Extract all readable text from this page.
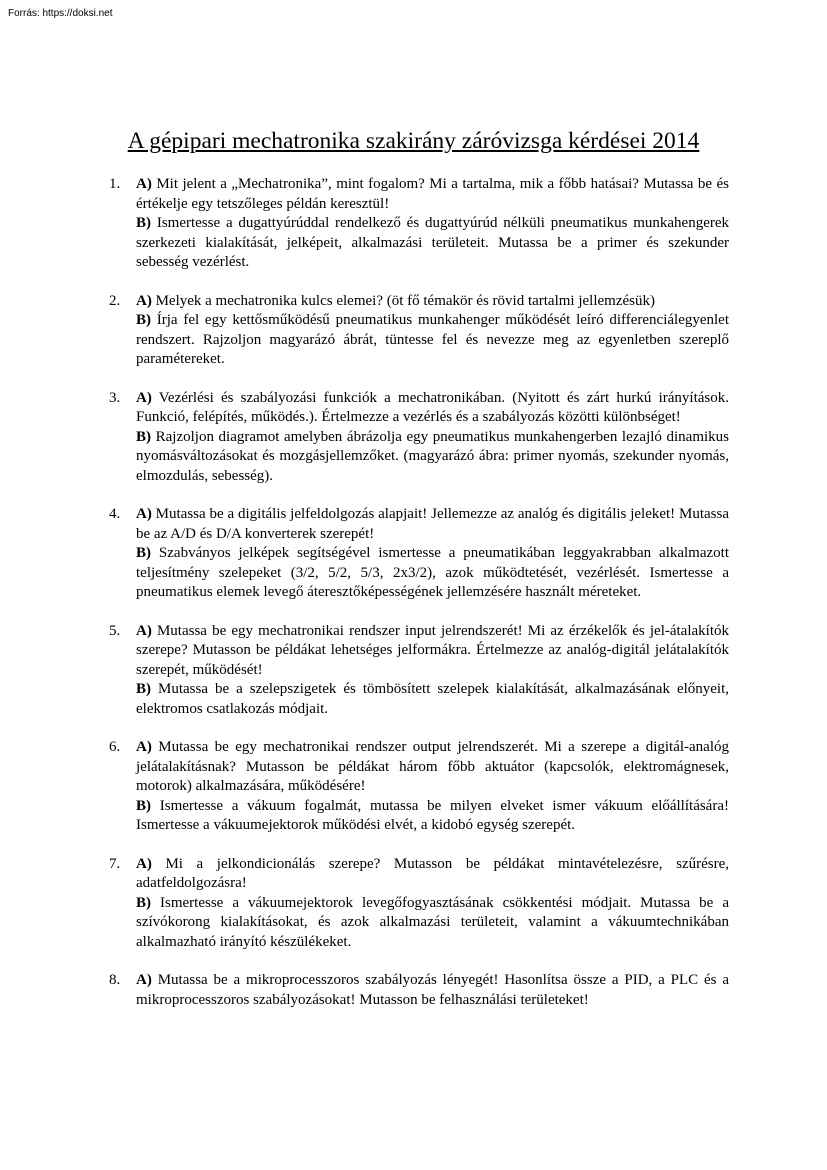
Forrás: https://doksi.net
A gépipari mechatronika szakirány záróvizsga kérdései 2014
1. A) Mit jelent a „Mechatronika”, mint fogalom? Mi a tartalma, mik a főbb hatásai? Mutassa be és értékelje egy tetszőleges példán keresztül!
B) Ismertesse a dugattyúrúddal rendelkező és dugattyúrúd nélküli pneumatikus munkahengerek szerkezeti kialakítását, jelképeit, alkalmazási területeit. Mutassa be a primer és szekunder sebesség vezérlést.
2. A) Melyek a mechatronika kulcs elemei? (öt fő témakör és rövid tartalmi jellemzésük)
B) Írja fel egy kettősműködésű pneumatikus munkahenger működését leíró differenciálegyenlet rendszert. Rajzoljon magyarázó ábrát, tüntesse fel és nevezze meg az egyenletben szereplő paramétereket.
3. A) Vezérlési és szabályozási funkciók a mechatronikában. (Nyitott és zárt hurkú irányítások. Funkció, felépítés, működés.). Értelmezze a vezérlés és a szabályozás közötti különbséget!
B) Rajzoljon diagramot amelyben ábrázolja egy pneumatikus munkahengerben lezajló dinamikus nyomásváltozásokat és mozgásjellemzőket. (magyarázó ábra: primer nyomás, szekunder nyomás, elmozdulás, sebesség).
4. A) Mutassa be a digitális jelfeldolgozás alapjait! Jellemezze az analóg és digitális jeleket! Mutassa be az A/D és D/A konverterek szerepét!
B) Szabványos jelképek segítségével ismertesse a pneumatikában leggyakrabban alkalmazott teljesítmény szelepeket (3/2, 5/2, 5/3, 2x3/2), azok működtetését, vezérlését. Ismertesse a pneumatikus elemek levegő áteresztőképességének jellemzésére használt méreteket.
5. A) Mutassa be egy mechatronikai rendszer input jelrendszerét! Mi az érzékelők és jel-átalakítók szerepe? Mutasson be példákat lehetséges jelformákra. Értelmezze az analóg-digitál jelátalakítók szerepét, működését!
B) Mutassa be a szelepszigetek és tömbösített szelepek kialakítását, alkalmazásának előnyeit, elektromos csatlakozás módjait.
6. A) Mutassa be egy mechatronikai rendszer output jelrendszerét. Mi a szerepe a digitál-analóg jelátalakításnak? Mutasson be példákat három főbb aktuátor (kapcsolók, elektromágnesek, motorok) alkalmazására, működésére!
B) Ismertesse a vákuum fogalmát, mutassa be milyen elveket ismer vákuum előállítására! Ismertesse a vákuumejektorok működési elvét, a kidobó egység szerepét.
7. A) Mi a jelkondicionálás szerepe? Mutasson be példákat mintavételezésre, szűrésre, adatfeldolgozásra!
B) Ismertesse a vákuumejektorok levegőfogyasztásának csökkentési módjait. Mutassa be a szívókorong kialakításokat, és azok alkalmazási területeit, valamint a vákuumtechnikában alkalmazható irányító készülékeket.
8. A) Mutassa be a mikroprocesszoros szabályozás lényegét! Hasonlítsa össze a PID, a PLC és a mikroprocesszoros szabályozásokat! Mutasson be felhasználási területeket!
